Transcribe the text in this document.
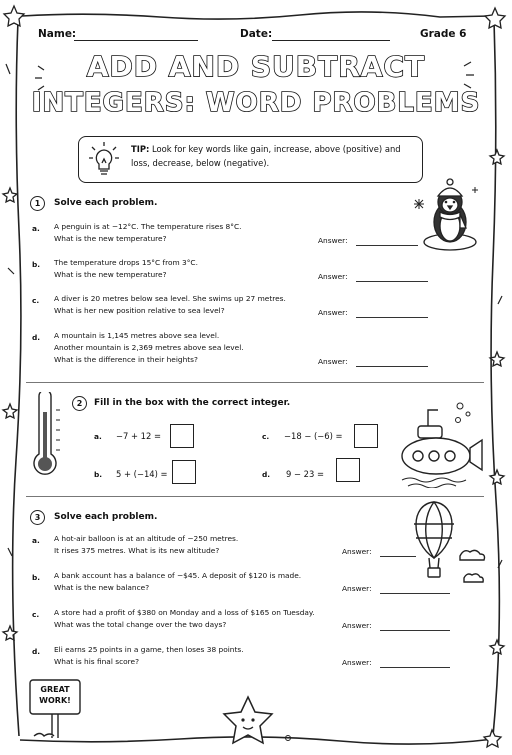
Name:	Date:	Grade 6
ADD AND SUBTRACT
INTEGERS: WORD PROBLEMS
TIP: Look for key words like gain, increase, above (positive) and loss, decrease, below (negative).
1	Solve each problem.
a. A penguin is at −12°C. The temperature rises 8°C.
What is the new temperature?	Answer:
b. The temperature drops 15°C from 3°C.
What is the new temperature?	Answer:
c. A diver is 20 metres below sea level. She swims up 27 metres.
What is her new position relative to sea level?	Answer:
d. A mountain is 1,145 metres above sea level.
Another mountain is 2,369 metres above sea level.
What is the difference in their heights?	Answer:
2	Fill in the box with the correct integer.
a. −7 + 12 =
b. 5 + (−14) =
c. −18 − (−6) =
d. 9 − 23 =
3	Solve each problem.
a. A hot-air balloon is at an altitude of −250 metres.
It rises 375 metres. What is its new altitude?	Answer:
b. A bank account has a balance of −$45. A deposit of $120 is made.
What is the new balance?	Answer:
c. A store had a profit of $380 on Monday and a loss of $165 on Tuesday.
What was the total change over the two days?	Answer:
d. Eli earns 25 points in a game, then loses 38 points.
What is his final score?	Answer:
GREAT
WORK!
